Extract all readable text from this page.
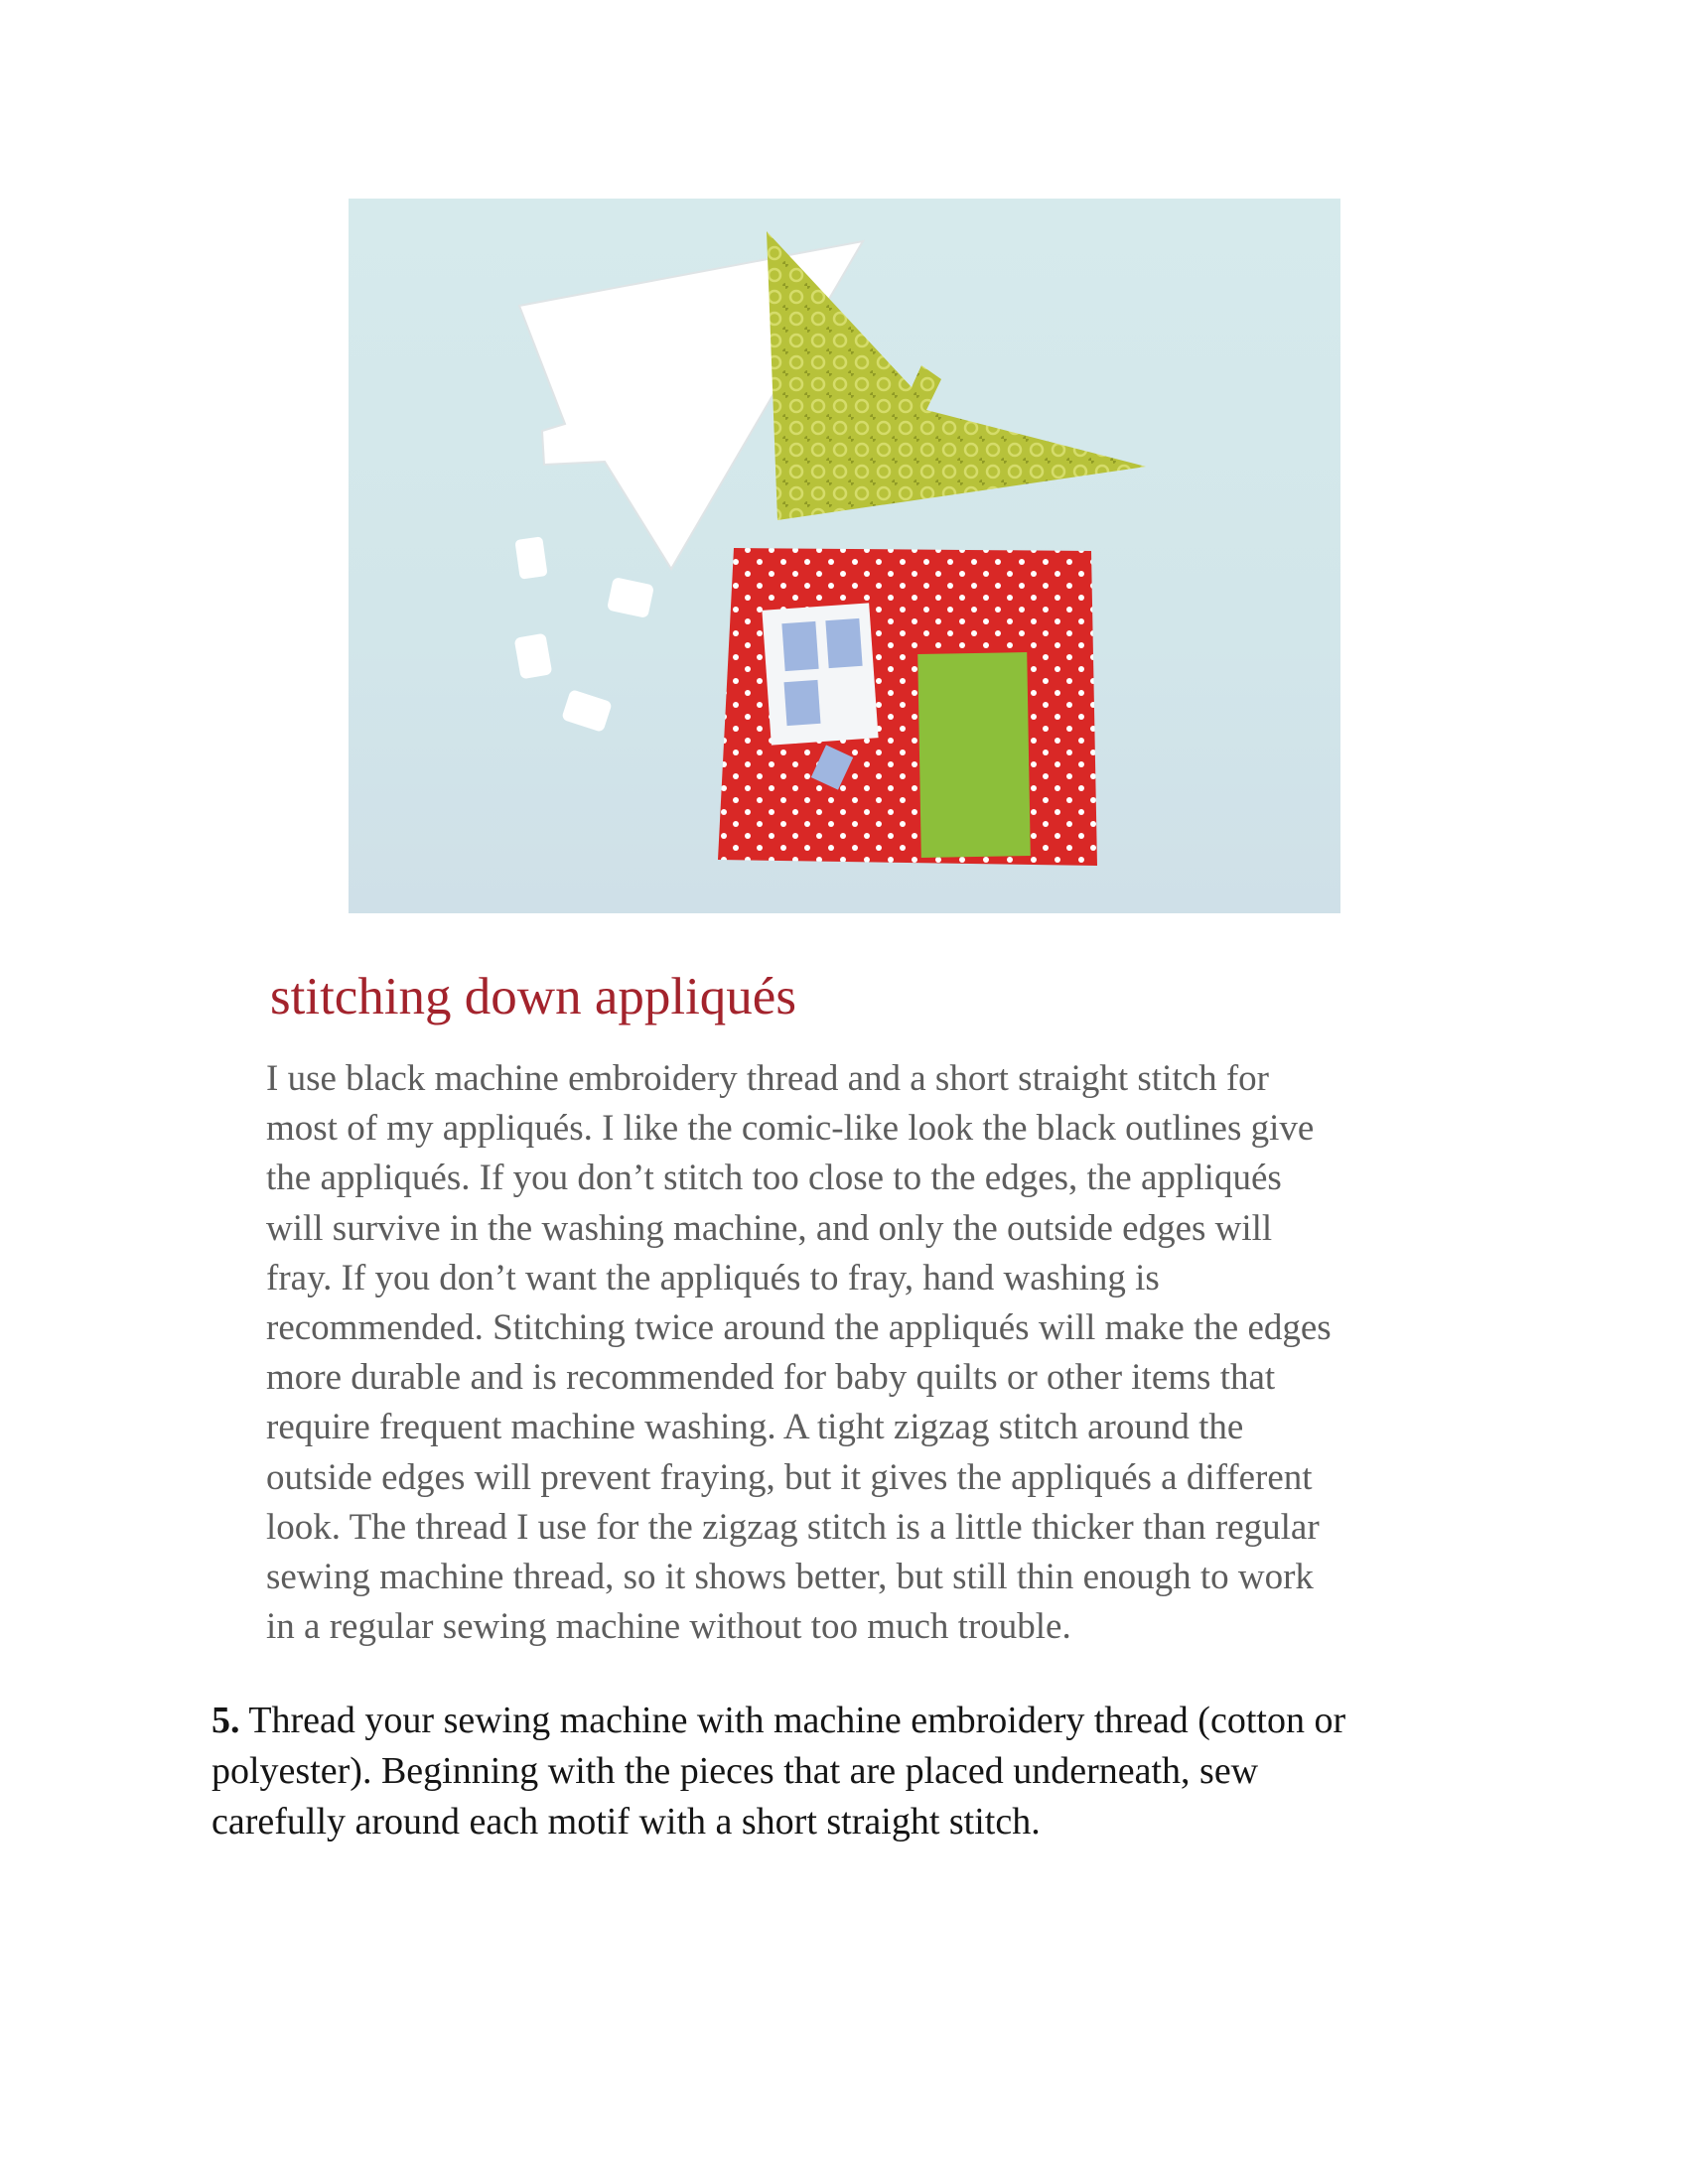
stitching down appliqués
I use black machine embroidery thread and a short straight stitch for
most of my appliqués. I like the comic-like look the black outlines give
the appliqués. If you don’t stitch too close to the edges, the appliqués
will survive in the washing machine, and only the outside edges will
fray. If you don’t want the appliqués to fray, hand washing is
recommended. Stitching twice around the appliqués will make the edges
more durable and is recommended for baby quilts or other items that
require frequent machine washing. A tight zigzag stitch around the
outside edges will prevent fraying, but it gives the appliqués a different
look. The thread I use for the zigzag stitch is a little thicker than regular
sewing machine thread, so it shows better, but still thin enough to work
in a regular sewing machine without too much trouble.
5. Thread your sewing machine with machine embroidery thread (cotton or
polyester). Beginning with the pieces that are placed underneath, sew
carefully around each motif with a short straight stitch.
